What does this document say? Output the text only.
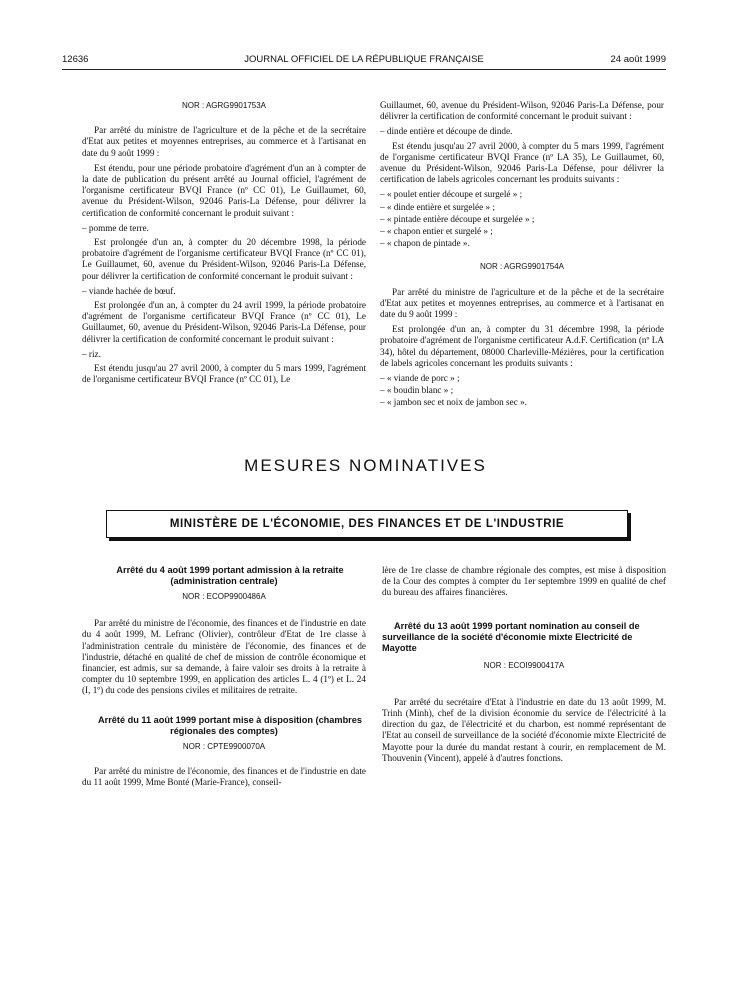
12636	JOURNAL OFFICIEL DE LA RÉPUBLIQUE FRANÇAISE	24 août 1999

NOR : AGRG9901753A

Par arrêté du ministre de l'agriculture et de la pêche et de la secrétaire d'Etat aux petites et moyennes entreprises, au commerce et à l'artisanat en date du 9 août 1999 :

Est étendu, pour une période probatoire d'agrément d'un an à compter de la date de publication du présent arrêté au Journal officiel, l'agrément de l'organisme certificateur BVQI France (nº CC 01), Le Guillaumet, 60, avenue du Président-Wilson, 92046 Paris-La Défense, pour délivrer la certification de conformité concernant le produit suivant :

– pomme de terre.

Est prolongée d'un an, à compter du 20 décembre 1998, la période probatoire d'agrément de l'organisme certificateur BVQI France (nº CC 01), Le Guillaumet, 60, avenue du Président-Wilson, 92046 Paris-La Défense, pour délivrer la certification de conformité concernant le produit suivant :

– viande hachée de bœuf.

Est prolongée d'un an, à compter du 24 avril 1999, la période probatoire d'agrément de l'organisme certificateur BVQI France (nº CC 01), Le Guillaumet, 60, avenue du Président-Wilson, 92046 Paris-La Défense, pour délivrer la certification de conformité concernant le produit suivant :

– riz.

Est étendu jusqu'au 27 avril 2000, à compter du 5 mars 1999, l'agrément de l'organisme certificateur BVQI France (nº CC 01), Le

Guillaumet, 60, avenue du Président-Wilson, 92046 Paris-La Défense, pour délivrer la certification de conformité concernant le produit suivant :

– dinde entière et découpe de dinde.

Est étendu jusqu'au 27 avril 2000, à compter du 5 mars 1999, l'agrément de l'organisme certificateur BVQI France (nº LA 35), Le Guillaumet, 60, avenue du Président-Wilson, 92046 Paris-La Défense, pour délivrer la certification de labels agricoles concernant les produits suivants :

– « poulet entier découpe et surgelé » ;
– « dinde entière et surgelée » ;
– « pintade entière découpe et surgelée » ;
– « chapon entier et surgelé » ;
– « chapon de pintade ».

NOR : AGRG9901754A

Par arrêté du ministre de l'agriculture et de la pêche et de la secrétaire d'Etat aux petites et moyennes entreprises, au commerce et à l'artisanat en date du 9 août 1999 :

Est prolongée d'un an, à compter du 31 décembre 1998, la période probatoire d'agrément de l'organisme certificateur A.d.F. Certification (nº LA 34), hôtel du département, 08000 Charleville-Mézières, pour la certification de labels agricoles concernant les produits suivants :

– « viande de porc » ;
– « boudin blanc » ;
– « jambon sec et noix de jambon sec ».
MESURES NOMINATIVES
MINISTÈRE DE L'ÉCONOMIE, DES FINANCES ET DE L'INDUSTRIE

Arrêté du 4 août 1999 portant admission à la retraite (administration centrale)

NOR : ECOP9900486A

Par arrêté du ministre de l'économie, des finances et de l'industrie en date du 4 août 1999, M. Lefranc (Olivier), contrôleur d'Etat de 1re classe à l'administration centrale du ministère de l'économie, des finances et de l'industrie, détaché en qualité de chef de mission de contrôle économique et financier, est admis, sur sa demande, à faire valoir ses droits à la retraite à compter du 10 septembre 1999, en application des articles L. 4 (1º) et L. 24 (I, 1º) du code des pensions civiles et militaires de retraite.

Arrêté du 11 août 1999 portant mise à disposition (chambres régionales des comptes)

NOR : CPTE9900070A

Par arrêté du ministre de l'économie, des finances et de l'industrie en date du 11 août 1999, Mme Bonté (Marie-France), conseil-

lère de 1re classe de chambre régionale des comptes, est mise à disposition de la Cour des comptes à compter du 1er septembre 1999 en qualité de chef du bureau des affaires financières.

Arrêté du 13 août 1999 portant nomination au conseil de surveillance de la société d'économie mixte Electricité de Mayotte

NOR : ECOI9900417A

Par arrêté du secrétaire d'Etat à l'industrie en date du 13 août 1999, M. Trinh (Minh), chef de la division économie du service de l'électricité à la direction du gaz, de l'électricité et du charbon, est nommé représentant de l'Etat au conseil de surveillance de la société d'économie mixte Electricité de Mayotte pour la durée du mandat restant à courir, en remplacement de M. Thouvenin (Vincent), appelé à d'autres fonctions.
